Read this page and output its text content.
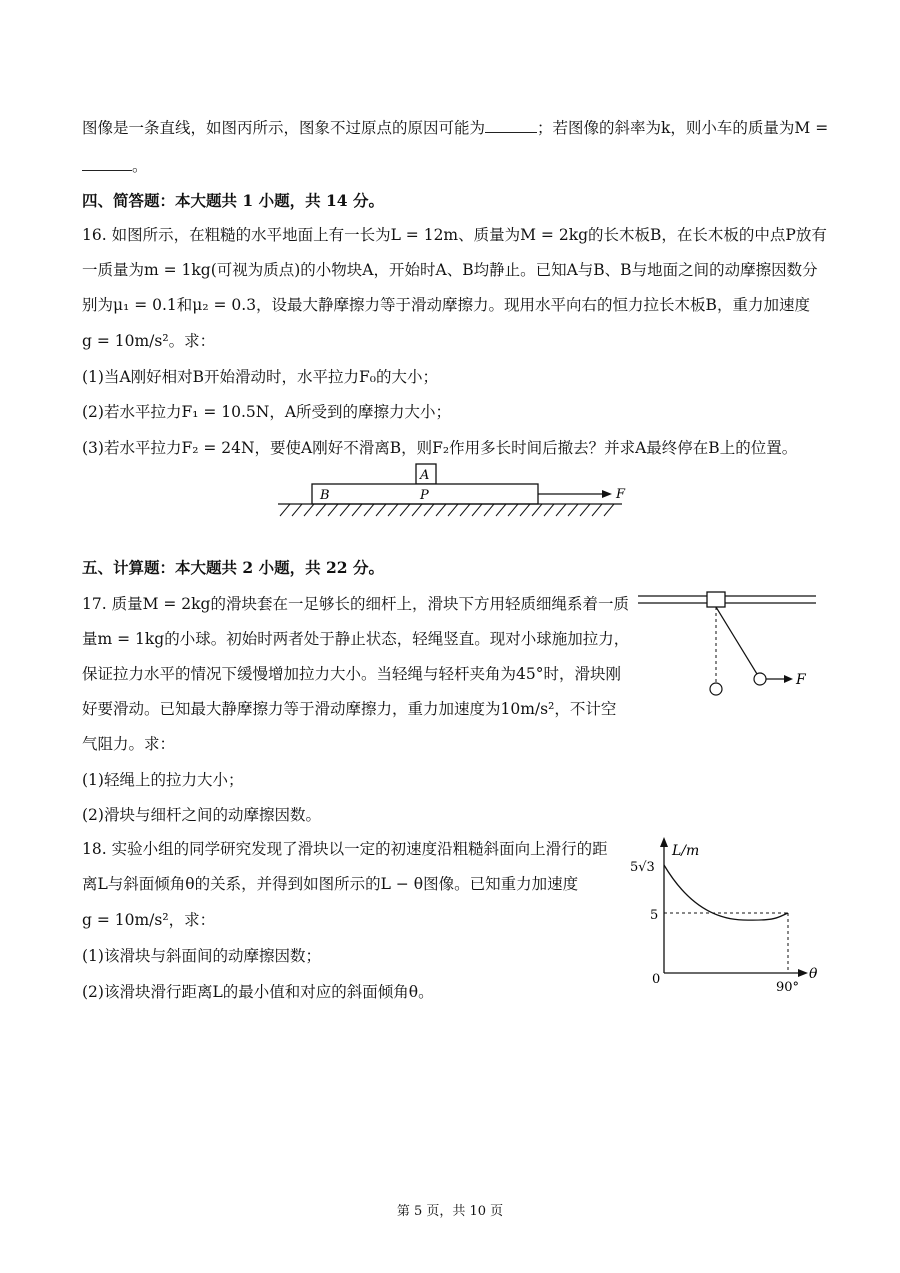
图像是一条直线，如图丙所示，图象不过原点的原因可能为	；若图像的斜率为k，则小车的质量为M =
。
四、简答题：本大题共 1 小题，共 14 分。
16. 如图所示，在粗糙的水平地面上有一长为L = 12m、质量为M = 2kg的长木板B，在长木板的中点P放有
一质量为m = 1kg(可视为质点)的小物块A，开始时A、B均静止。已知A与B、B与地面之间的动摩擦因数分
别为μ₁ = 0.1和μ₂ = 0.3，设最大静摩擦力等于滑动摩擦力。现用水平向右的恒力拉长木板B，重力加速度
g = 10m/s²。求：
(1)当A刚好相对B开始滑动时，水平拉力F₀的大小；
(2)若水平拉力F₁ = 10.5N，A所受到的摩擦力大小；
(3)若水平拉力F₂ = 24N，要使A刚好不滑离B，则F₂作用多长时间后撤去？并求A最终停在B上的位置。
A
B	P	F
五、计算题：本大题共 2 小题，共 22 分。
17. 质量M = 2kg的滑块套在一足够长的细杆上，滑块下方用轻质细绳系着一质
量m = 1kg的小球。初始时两者处于静止状态，轻绳竖直。现对小球施加拉力，
保证拉力水平的情况下缓慢增加拉力大小。当轻绳与轻杆夹角为45°时，滑块刚
好要滑动。已知最大静摩擦力等于滑动摩擦力，重力加速度为10m/s²，不计空
气阻力。求：
(1)轻绳上的拉力大小；
(2)滑块与细杆之间的动摩擦因数。
F
18. 实验小组的同学研究发现了滑块以一定的初速度沿粗糙斜面向上滑行的距
离L与斜面倾角θ的关系，并得到如图所示的L − θ图像。已知重力加速度
g = 10m/s²，求：
(1)该滑块与斜面间的动摩擦因数；
(2)该滑块滑行距离L的最小值和对应的斜面倾角θ。
L/m
θ
5√3
5
0
90°
第 5 页，共 10 页
